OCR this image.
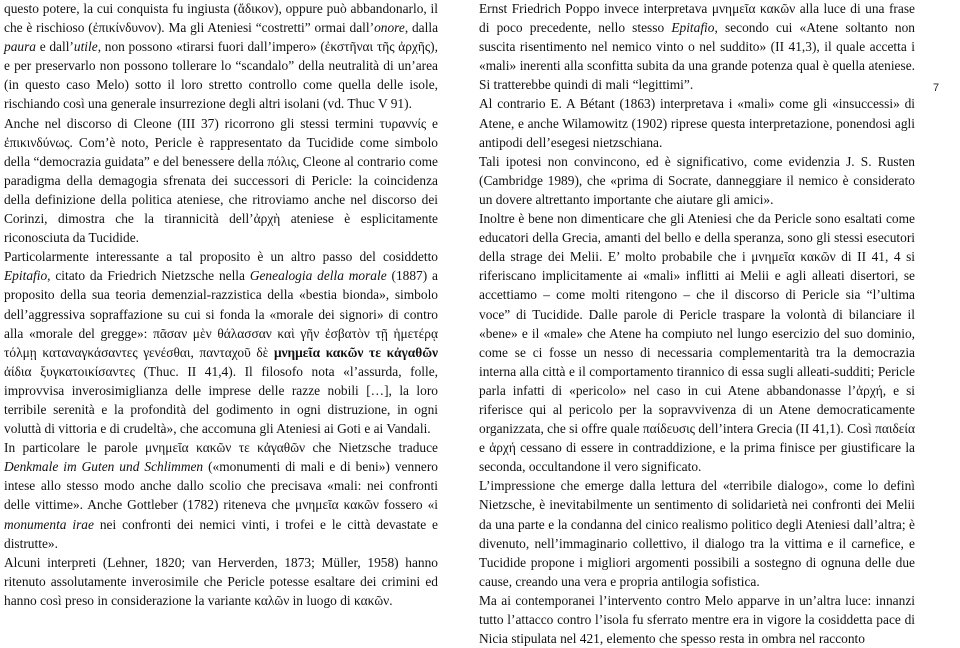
questo potere, la cui conquista fu ingiusta (ἄδικον), oppure può abbandonarlo, il che è rischioso (ἐπικίνδυνον). Ma gli Ateniesi “costretti” ormai dall’onore, dalla paura e dall’utile, non possono «tirarsi fuori dall’impero» (ἐκστῆναι τῆς ἀρχῆς), e per preservarlo non possono tollerare lo “scandalo” della neutralità di un’area (in questo caso Melo) sotto il loro stretto controllo come quella delle isole, rischiando così una generale insurrezione degli altri isolani (vd. Thuc V 91).

Anche nel discorso di Cleone (III 37) ricorrono gli stessi termini τυραννίς e ἐπικινδύνως. Com’è noto, Pericle è rappresentato da Tucidide come simbolo della “democrazia guidata” e del benessere della πόλις, Cleone al contrario come paradigma della demagogia sfrenata dei successori di Pericle: la coincidenza della definizione della politica ateniese, che ritroviamo anche nel discorso dei Corinzi, dimostra che la tirannicità dell’ἀρχὴ ateniese è esplicitamente riconosciuta da Tucidide.

Particolarmente interessante a tal proposito è un altro passo del cosiddetto Epitafio, citato da Friedrich Nietzsche nella Genealogia della morale (1887) a proposito della sua teoria demenzial-razzistica della «bestia bionda», simbolo dell’aggressiva sopraffazione su cui si fonda la «morale dei signori» di contro alla «morale del gregge»: πᾶσαν μὲν θάλασσαν καὶ γῆν ἐσβατὸν τῇ ἡμετέρᾳ τόλμῃ καταναγκάσαντες γενέσθαι, πανταχοῦ δὲ μνημεῖα κακῶν τε κἀγαθῶν ἀίδια ξυγκατοικίσαντες (Thuc. II 41,4). Il filosofo nota «l’assurda, folle, improvvisa inverosimiglianza delle imprese delle razze nobili […], la loro terribile serenità e la profondità del godimento in ogni distruzione, in ogni voluttà di vittoria e di crudeltà», che accomuna gli Ateniesi ai Goti e ai Vandali.

In particolare le parole μνημεῖα κακῶν τε κἀγαθῶν che Nietzsche traduce Denkmale im Guten und Schlimmen («monumenti di mali e di beni») vennero intese allo stesso modo anche dallo scolio che precisava «mali: nei confronti delle vittime». Anche Gottleber (1782) riteneva che μνημεῖα κακῶν fossero «i monumenta irae nei confronti dei nemici vinti, i trofei e le città devastate e distrutte».

Alcuni interpreti (Lehner, 1820; van Herverden, 1873; Müller, 1958) hanno ritenuto assolutamente inverosimile che Pericle potesse esaltare dei crimini ed hanno così preso in considerazione la variante καλῶν in luogo di κακῶν.

Ernst Friedrich Poppo invece interpretava μνημεῖα κακῶν alla luce di una frase di poco precedente, nello stesso Epitafio, secondo cui «Atene soltanto non suscita risentimento nel nemico vinto o nel suddito» (II 41,3), il quale accetta i «mali» inerenti alla sconfitta subita da una grande potenza qual è quella ateniese. Si tratterebbe quindi di mali “legittimi”.

Al contrario E. A Bétant (1863) interpretava i «mali» come gli «insuccessi» di Atene, e anche Wilamowitz (1902) riprese questa interpretazione, ponendosi agli antipodi dell’esegesi nietzschiana.

Tali ipotesi non convincono, ed è significativo, come evidenzia J. S. Rusten (Cambridge 1989), che «prima di Socrate, danneggiare il nemico è considerato un dovere altrettanto importante che aiutare gli amici».

Inoltre è bene non dimenticare che gli Ateniesi che da Pericle sono esaltati come educatori della Grecia, amanti del bello e della speranza, sono gli stessi esecutori della strage dei Melii. E’ molto probabile che i μνημεῖα κακῶν di II 41, 4 si riferiscano implicitamente ai «mali» inflitti ai Melii e agli alleati disertori, se accettiamo – come molti ritengono – che il discorso di Pericle sia “l’ultima voce” di Tucidide. Dalle parole di Pericle traspare la volontà di bilanciare il «bene» e il «male» che Atene ha compiuto nel lungo esercizio del suo dominio, come se ci fosse un nesso di necessaria complementarità tra la democrazia interna alla città e il comportamento tirannico di essa sugli alleati-sudditi; Pericle parla infatti di «pericolo» nel caso in cui Atene abbandonasse l’ἀρχή, e si riferisce qui al pericolo per la sopravvivenza di un Atene democraticamente organizzata, che si offre quale παίδευσις dell’intera Grecia (II 41,1). Così παιδεία e ἀρχή cessano di essere in contraddizione, e la prima finisce per giustificare la seconda, occultandone il vero significato.

L’impressione che emerge dalla lettura del «terribile dialogo», come lo definì Nietzsche, è inevitabilmente un sentimento di solidarietà nei confronti dei Melii da una parte e la condanna del cinico realismo politico degli Ateniesi dall’altra; è divenuto, nell’immaginario collettivo, il dialogo tra la vittima e il carnefice, e Tucidide propone i migliori argomenti possibili a sostegno di ognuna delle due cause, creando una vera e propria antilogia sofistica.

Ma ai contemporanei l’intervento contro Melo apparve in un’altra luce: innanzi tutto l’attacco contro l’isola fu sferrato mentre era in vigore la cosiddetta pace di Nicia stipulata nel 421, elemento che spesso resta in ombra nel racconto

7
